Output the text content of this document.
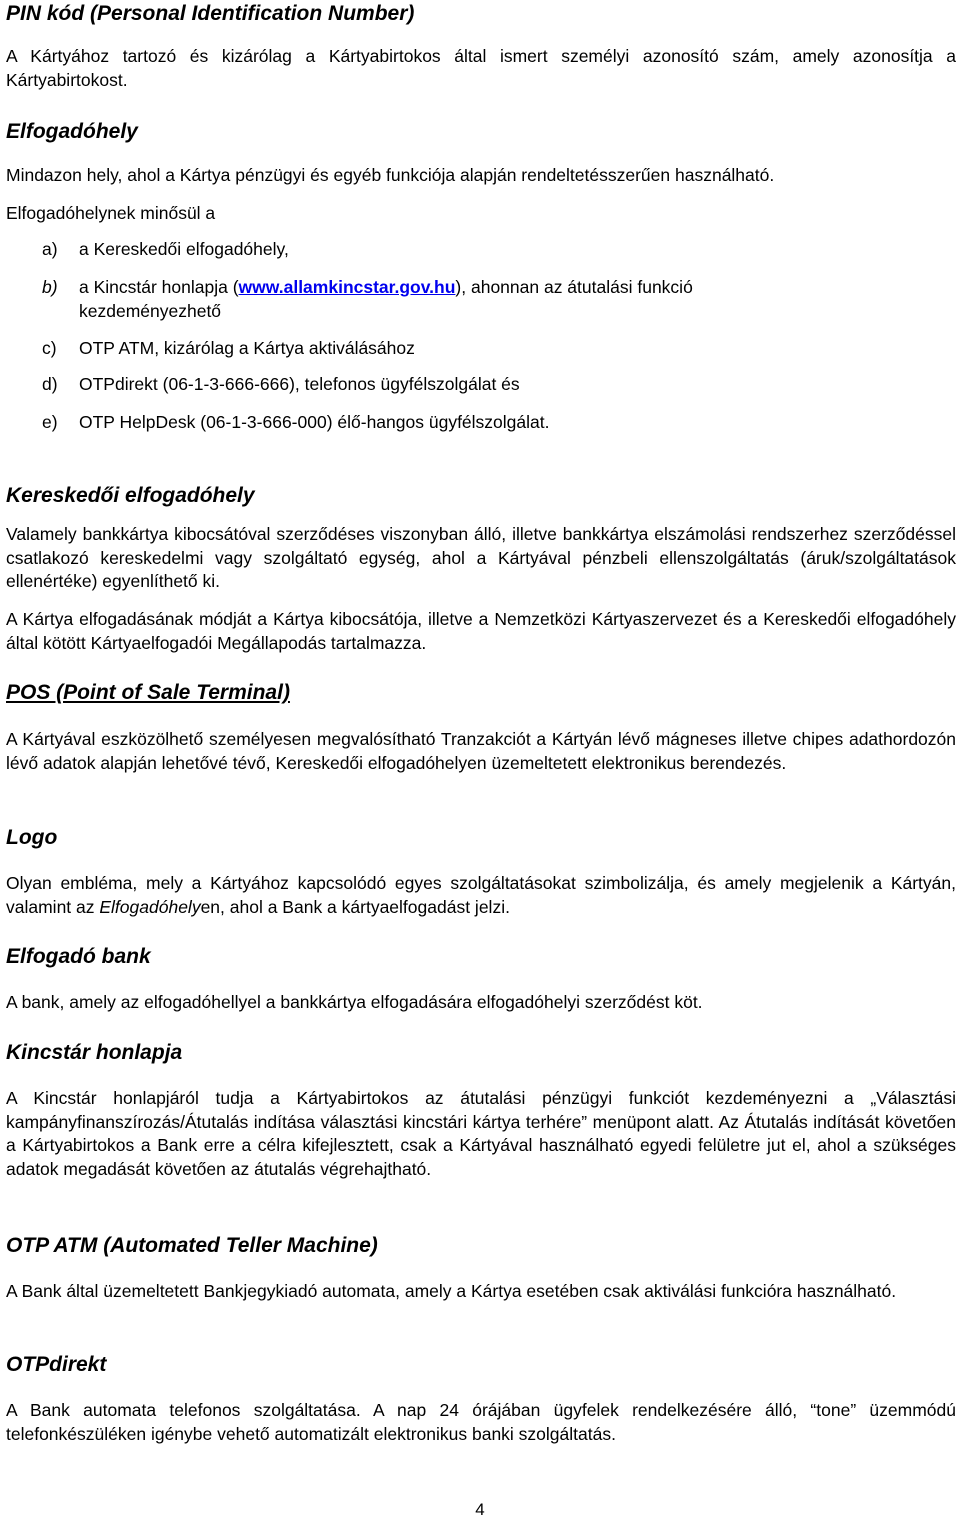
PIN kód (Personal Identification Number)

A Kártyához tartozó és kizárólag a Kártyabirtokos által ismert személyi azonosító szám, amely azonosítja a Kártyabirtokost.

Elfogadóhely

Mindazon hely, ahol a Kártya pénzügyi és egyéb funkciója alapján rendeltetésszerűen használható.

Elfogadóhelynek minősül a

a)	a Kereskedői elfogadóhely,
b)	a Kincstár honlapja (www.allamkincstar.gov.hu), ahonnan az átutalási funkció kezdeményezhető
c)	OTP ATM, kizárólag a Kártya aktiválásához
d)	OTPdirekt (06-1-3-666-666), telefonos ügyfélszolgálat és
e)	OTP HelpDesk (06-1-3-666-000) élő-hangos ügyfélszolgálat.
Kereskedői elfogadóhely

Valamely bankkártya kibocsátóval szerződéses viszonyban álló, illetve bankkártya elszámolási rendszerhez szerződéssel csatlakozó kereskedelmi vagy szolgáltató egység, ahol a Kártyával pénzbeli ellenszolgáltatás (áruk/szolgáltatások ellenértéke) egyenlíthető ki.

A Kártya elfogadásának módját a Kártya kibocsátója, illetve a Nemzetközi Kártyaszervezet és a Kereskedői elfogadóhely által kötött Kártyaelfogadói Megállapodás tartalmazza.

POS (Point of Sale Terminal)

A Kártyával eszközölhető személyesen megvalósítható Tranzakciót a Kártyán lévő mágneses illetve chipes adathordozón lévő adatok alapján lehetővé tévő, Kereskedői elfogadóhelyen üzemeltetett elektronikus berendezés.

Logo

Olyan embléma, mely a Kártyához kapcsolódó egyes szolgáltatásokat szimbolizálja, és amely megjelenik a Kártyán, valamint az Elfogadóhelyen, ahol a Bank a kártyaelfogadást jelzi.

Elfogadó bank

A bank, amely az elfogadóhellyel a bankkártya elfogadására elfogadóhelyi szerződést köt.

Kincstár honlapja

A Kincstár honlapjáról tudja a Kártyabirtokos az átutalási pénzügyi funkciót kezdeményezni a „Választási kampányfinanszírozás/Átutalás indítása választási kincstári kártya terhére” menüpont alatt. Az Átutalás indítását követően a Kártyabirtokos a Bank erre a célra kifejlesztett, csak a Kártyával használható egyedi felületre jut el, ahol a szükséges adatok megadását követően az átutalás végrehajtható.

OTP ATM (Automated Teller Machine)

A Bank által üzemeltetett Bankjegykiadó automata, amely a Kártya esetében csak aktiválási funkcióra használható.

OTPdirekt

A Bank automata telefonos szolgáltatása. A nap 24 órájában ügyfelek rendelkezésére álló, “tone” üzemmódú telefonkészüléken igénybe vehető automatizált elektronikus banki szolgáltatás.

4
